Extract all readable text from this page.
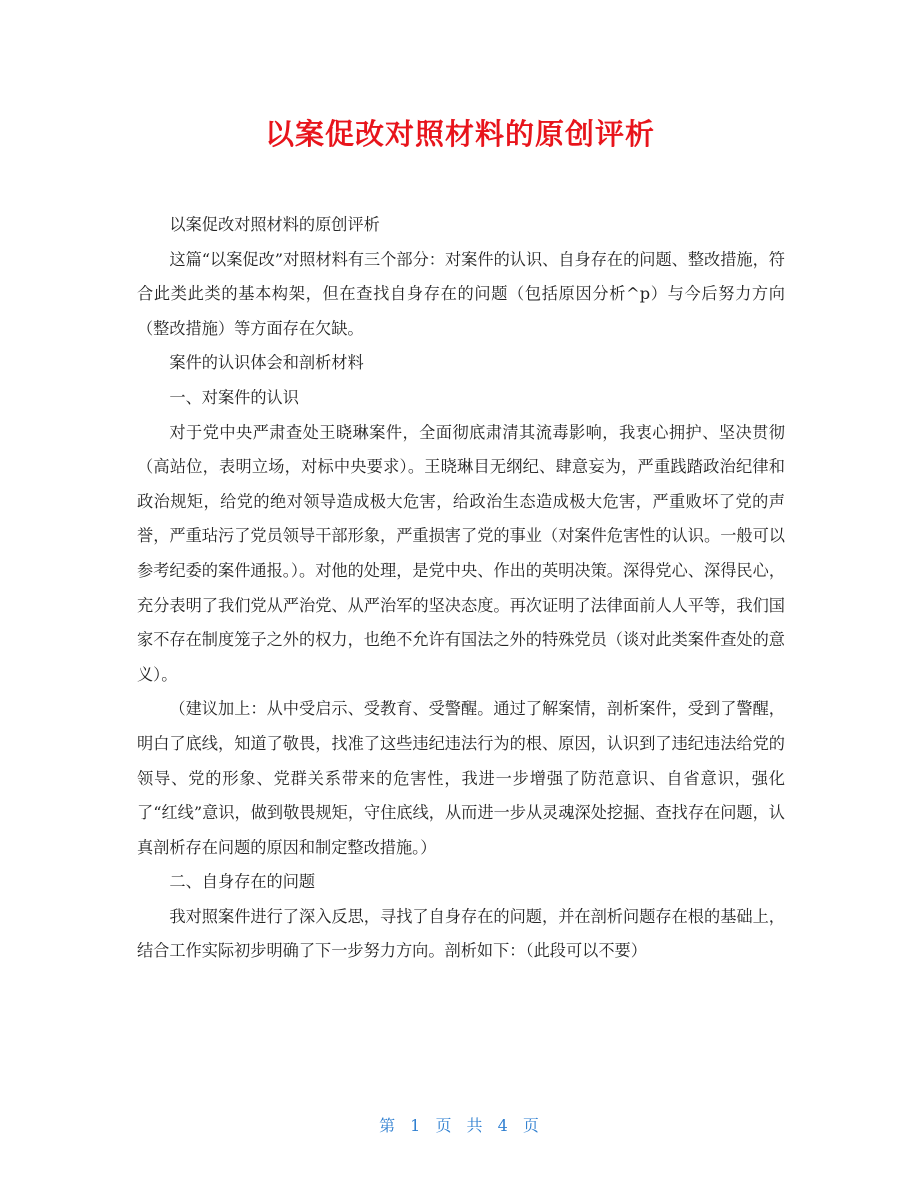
以案促改对照材料的原创评析

以案促改对照材料的原创评析

这篇“以案促改”对照材料有三个部分：对案件的认识、自身存在的问题、整改措施，符合此类此类的基本构架，但在查找自身存在的问题（包括原因分析^p）与今后努力方向（整改措施）等方面存在欠缺。

案件的认识体会和剖析材料

一、对案件的认识

对于党中央严肃查处王晓琳案件，全面彻底肃清其流毒影响，我衷心拥护、坚决贯彻（高站位，表明立场，对标中央要求）。王晓琳目无纲纪、肆意妄为，严重践踏政治纪律和政治规矩，给党的绝对领导造成极大危害，给政治生态造成极大危害，严重败坏了党的声誉，严重玷污了党员领导干部形象，严重损害了党的事业（对案件危害性的认识。一般可以参考纪委的案件通报。）。对他的处理，是党中央、作出的英明决策。深得党心、深得民心，充分表明了我们党从严治党、从严治军的坚决态度。再次证明了法律面前人人平等，我们国家不存在制度笼子之外的权力，也绝不允许有国法之外的特殊党员（谈对此类案件查处的意义）。

（建议加上：从中受启示、受教育、受警醒。通过了解案情，剖析案件，受到了警醒，明白了底线，知道了敬畏，找准了这些违纪违法行为的根、原因，认识到了违纪违法给党的领导、党的形象、党群关系带来的危害性，我进一步增强了防范意识、自省意识，强化了“红线”意识，做到敬畏规矩，守住底线，从而进一步从灵魂深处挖掘、查找存在问题，认真剖析存在问题的原因和制定整改措施。）

二、自身存在的问题

我对照案件进行了深入反思，寻找了自身存在的问题，并在剖析问题存在根的基础上，结合工作实际初步明确了下一步努力方向。剖析如下：（此段可以不要）

第 1 页 共 4 页
